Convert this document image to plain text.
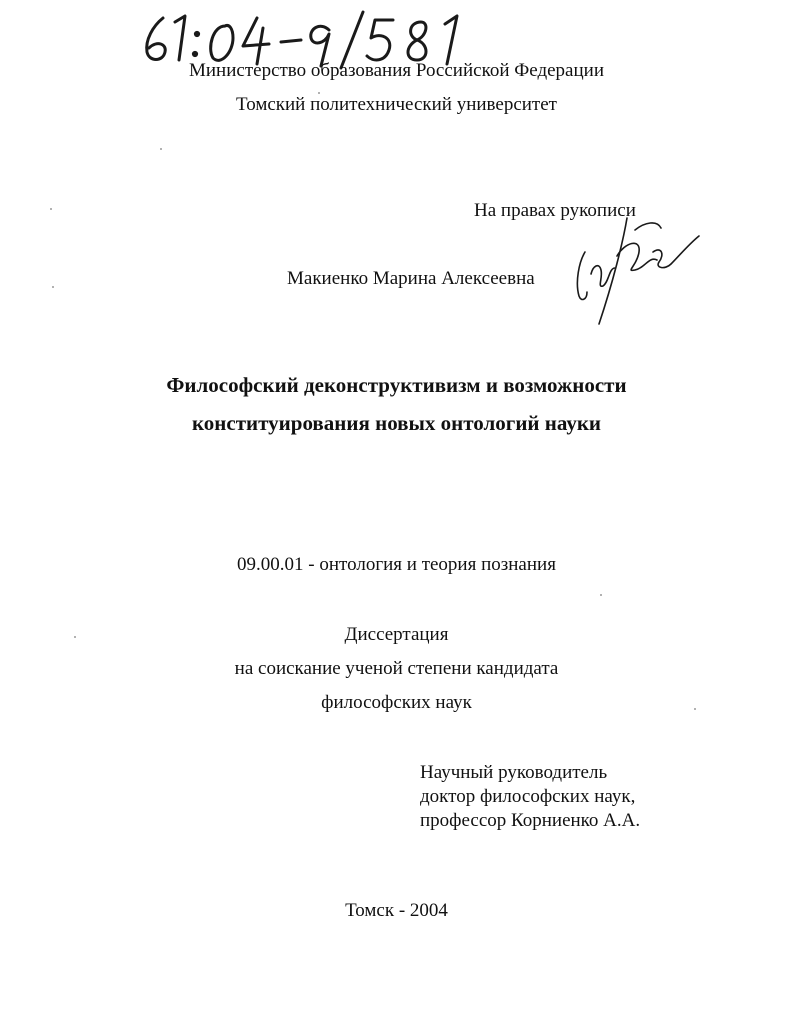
Министерство образования Российской Федерации
Томский политехнический университет
На правах рукописи
Макиенко Марина Алексеевна
Философский деконструктивизм и возможности
конституирования новых онтологий науки
09.00.01 - онтология и теория познания
Диссертация
на соискание ученой степени кандидата
философских наук
Научный руководитель
доктор философских наук,
профессор Корниенко А.А.
Томск - 2004
